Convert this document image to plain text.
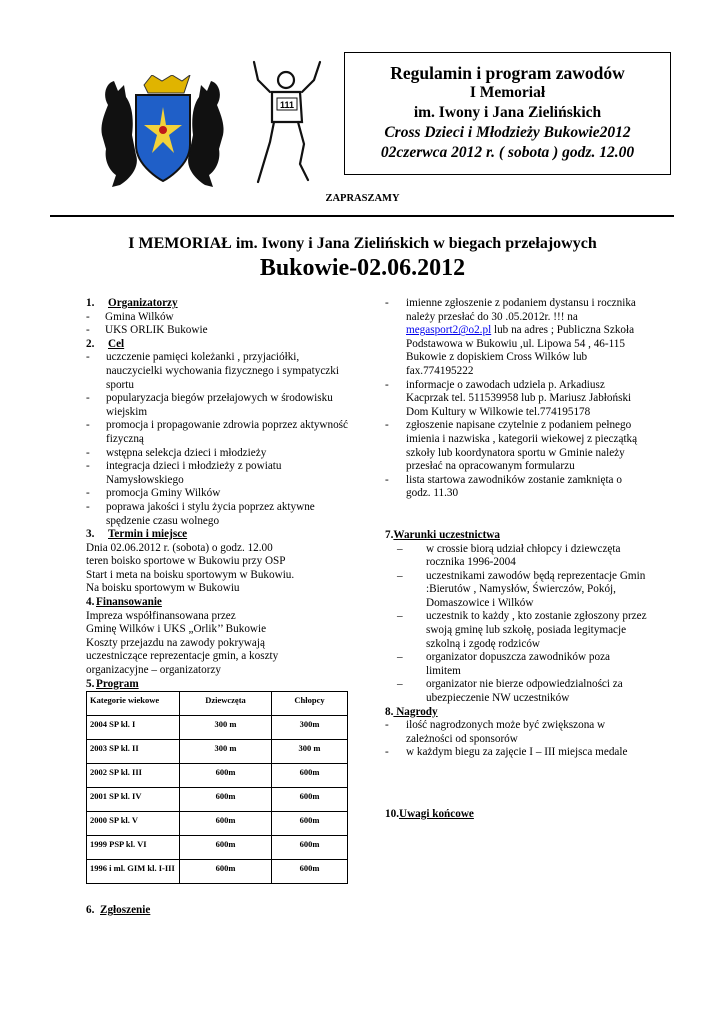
111
Regulamin i program zawodów
I Memoriał
im. Iwony i Jana Zielińskich
Cross Dzieci i Młodzieży Bukowie2012
02czerwca 2012 r. ( sobota ) godz. 12.00
ZAPRASZAMY
I MEMORIAŁ im. Iwony i Jana Zielińskich w biegach przełajowych
Bukowie-02.06.2012
1.	Organizatorzy
-	Gmina Wilków
-	UKS ORLIK Bukowie
2.	Cel
-	uczczenie pamięci koleżanki , przyjaciółki, nauczycielki wychowania fizycznego i sympatyczki sportu
-	popularyzacja biegów przełajowych w środowisku wiejskim
-	promocja i propagowanie zdrowia poprzez aktywność fizyczną
-	wstępna selekcja dzieci i młodzieży
-	integracja dzieci i młodzieży z powiatu Namysłowskiego
-	promocja Gminy Wilków
-	poprawa jakości i stylu życia poprzez aktywne spędzenie czasu wolnego
3.	Termin i miejsce
Dnia 02.06.2012 r. (sobota) o godz. 12.00
teren boisko sportowe w Bukowiu przy OSP
Start i meta na boisku sportowym w Bukowiu.
Na boisku sportowym w Bukowiu
4. Finansowanie
Impreza współfinansowana przez
Gminę Wilków i UKS „Orlik’’ Bukowie
Koszty przejazdu na zawody pokrywają
uczestniczące reprezentacje gmin, a koszty
organizacyjne – organizatorzy
5. Program
Kategorie wiekowe	Dziewczęta	Chłopcy
2004 SP kl. I	300 m	300m
2003 SP kl. II	300 m	300 m
2002 SP kl. III	600m	600m
2001 SP kl. IV	600m	600m
2000 SP kl. V	600m	600m
1999 PSP kl. VI	600m	600m
1996 i ml. GIM kl. I-III	600m	600m
6. Zgłoszenie
-	imienne zgłoszenie z podaniem dystansu i rocznika należy przesłać do 30 .05.2012r. !!! na megasport2@o2.pl lub na adres ; Publiczna Szkoła Podstawowa w Bukowiu ,ul. Lipowa 54 , 46-115 Bukowie z dopiskiem Cross Wilków lub fax.774195222
-	informacje o zawodach udziela p. Arkadiusz Kacprzak tel. 511539958 lub p. Mariusz Jabłoński Dom Kultury w Wilkowie tel.774195178
-	zgłoszenie napisane czytelnie z podaniem pełnego imienia i nazwiska , kategorii wiekowej z pieczątką szkoły lub koordynatora sportu w Gminie należy przesłać na opracowanym formularzu
-	lista startowa zawodników zostanie zamknięta o godz. 11.30
7.Warunki uczestnictwa
–	w crossie biorą udział chłopcy i dziewczęta rocznika 1996-2004
–	uczestnikami zawodów będą reprezentacje Gmin :Bierutów , Namysłów, Świerczów, Pokój, Domaszowice i Wilków
–	uczestnik to każdy , kto zostanie zgłoszony przez swoją gminę lub szkołę, posiada legitymacje szkolną i zgodę rodziców
–	organizator dopuszcza zawodników poza limitem
–	organizator nie bierze odpowiedzialności za ubezpieczenie NW uczestników
8. Nagrody
-	ilość nagrodzonych może być zwiększona w zależności od sponsorów
-	w każdym biegu za zajęcie I – III miejsca medale
10.Uwagi końcowe
